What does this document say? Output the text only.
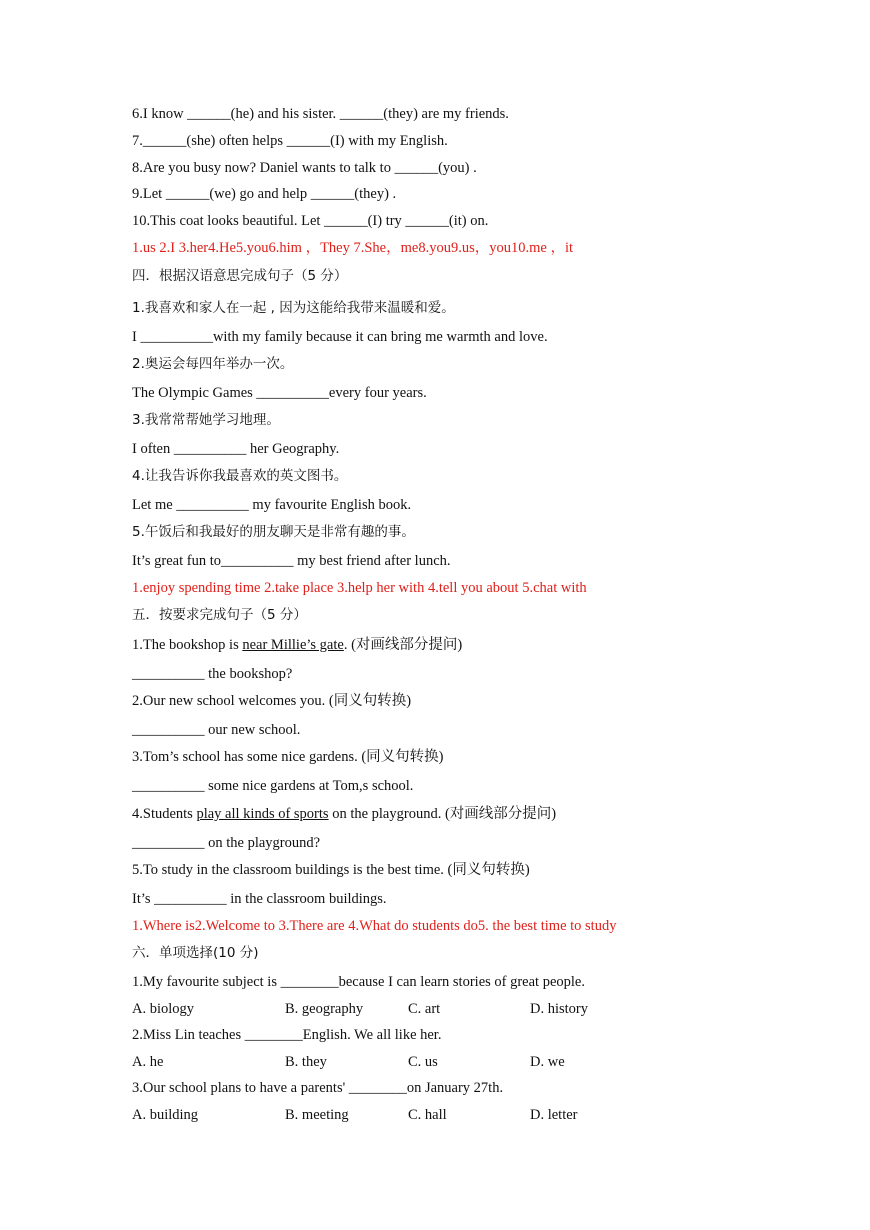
6.I know ______(he) and his sister. ______(they) are my friends.
7.______(she) often helps ______(I) with my English.
8.Are you busy now? Daniel wants to talk to ______(you) .
9.Let ______(we) go and help ______(they) .
10.This coat looks beautiful. Let ______(I) try ______(it) on.
1.us 2.I 3.her4.He5.you6.him ，They 7.She，me8.you9.us，you10.me ，it
四．根据汉语意思完成句子（5 分）
1.我喜欢和家人在一起 , 因为这能给我带来温暖和爱。
I __________with my family because it can bring me warmth and love.
2.奥运会每四年举办一次。
The Olympic Games __________every four years.
3.我常常帮她学习地理。
I often __________ her Geography.
4.让我告诉你我最喜欢的英文图书。
Let me __________ my favourite English book.
5.午饭后和我最好的朋友聊天是非常有趣的事。
It’s great fun to__________ my best friend after lunch.
1.enjoy spending time 2.take place 3.help her with 4.tell you about 5.chat with
五．按要求完成句子（5 分）
1.The bookshop is near Millie’s gate. (对画线部分提问)
__________ the bookshop?
2.Our new school welcomes you. (同义句转换)
__________ our new school.
3.Tom’s school has some nice gardens. (同义句转换)
__________ some nice gardens at Tom,s school.
4.Students play all kinds of sports on the playground. (对画线部分提问)
__________ on the playground?
5.To study in the classroom buildings is the best time. (同义句转换)
It’s __________ in the classroom buildings.
1.Where is2.Welcome to 3.There are 4.What do students do5. the best time to study
六．单项选择(10 分)
1.My favourite subject is ________because I can learn stories of great people.
A. biology	B. geography	C. art	D. history
2.Miss Lin teaches ________English. We all like her.
A. he	B. they	C. us	D. we
3.Our school plans to have a parents' ________on January 27th.
A. building	B. meeting	C. hall	D. letter
